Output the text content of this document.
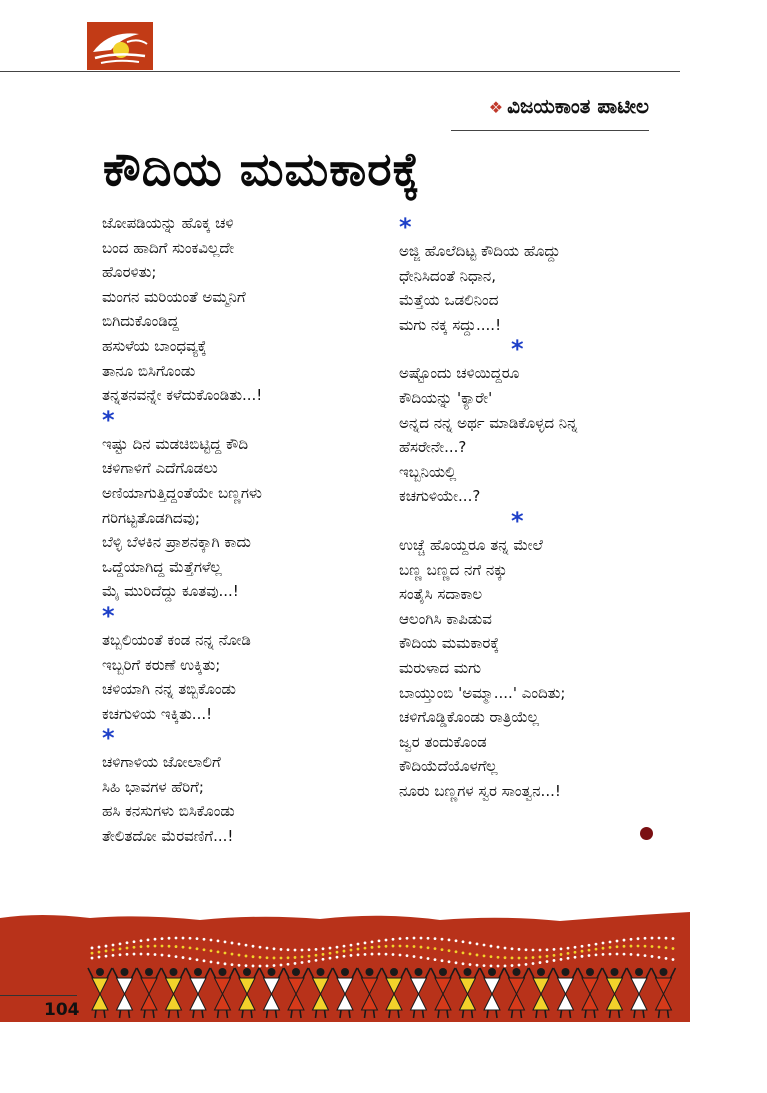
❖ ವಿಜಯಕಾಂತ ಪಾಟೀಲ
ಕೌದಿಯ ಮಮಕಾರಕ್ಕೆ
ಜೋಪಡಿಯನ್ನು ಹೊಕ್ಕ ಚಳಿ
ಬಂದ ಹಾದಿಗೆ ಸುಂಕವಿಲ್ಲದೇ
ಹೊರಳಿತು;
ಮಂಗನ ಮರಿಯಂತೆ ಅಮ್ಮನಿಗೆ
ಬಿಗಿದುಕೊಂಡಿದ್ದ
ಹಸುಳೆಯ ಬಾಂಧವ್ಯಕ್ಕೆ
ತಾನೂ ಬಿಸಿಗೊಂಡು
ತನ್ನತನವನ್ನೇ ಕಳೆದುಕೊಂಡಿತು...!
*
ಇಷ್ಟು ದಿನ ಮಡಚಿಬಿಟ್ಟಿದ್ದ ಕೌದಿ
ಚಳಿಗಾಳಿಗೆ ಎದೆಗೊಡಲು
ಅಣಿಯಾಗುತ್ತಿದ್ದಂತೆಯೇ ಬಣ್ಣಗಳು
ಗರಿಗಟ್ಟತೊಡಗಿದವು;
ಬೆಳ್ಳಿ ಬೆಳಕಿನ ಪ್ರಾಶನಕ್ಕಾಗಿ ಕಾದು
ಒದ್ದೆಯಾಗಿದ್ದ ಮೆತ್ತೆಗಳೆಲ್ಲ
ಮೈ ಮುರಿದೆದ್ದು ಕೂತವು...!
*
ತಬ್ಬಲಿಯಂತೆ ಕಂಡ ನನ್ನ ನೋಡಿ
ಇಬ್ಬರಿಗೆ ಕರುಣೆ ಉಕ್ಕಿತು;
ಚಳಿಯಾಗಿ ನನ್ನ ತಬ್ಬಿಕೊಂಡು
ಕಚಗುಳಿಯ ಇಕ್ಕಿತು...!
*
ಚಳಿಗಾಳಿಯ ಜೋಲಾಲಿಗೆ
ಸಿಹಿ ಭಾವಗಳ ಹೆರಿಗೆ;
ಹಸಿ ಕನಸುಗಳು ಬಿಸಿಕೊಂಡು
ತೇಲಿತದೋ ಮೆರವಣಿಗೆ...!
*
ಅಜ್ಜಿ ಹೊಲೆದಿಟ್ಟ ಕೌದಿಯ ಹೊದ್ದು
ಧೇನಿಸಿದಂತೆ ನಿಧಾನ,
ಮೆತ್ತೆಯ ಒಡಲಿನಿಂದ
ಮಗು ನಕ್ಕ ಸದ್ದು....!
*
ಅಷ್ಟೊಂದು ಚಳಿಯಿದ್ದರೂ
ಕೌದಿಯನ್ನು 'ಕ್ಯಾರೇ'
ಅನ್ನದ ನನ್ನ ಅರ್ಥ ಮಾಡಿಕೊಳ್ಳದ ನಿನ್ನ
ಹೆಸರೇನೇ...?
ಇಬ್ಬನಿಯಲ್ಲಿ
ಕಚಗುಳಿಯೇ...?
*
ಉಚ್ಚೆ ಹೊಯ್ದರೂ ತನ್ನ ಮೇಲೆ
ಬಣ್ಣ ಬಣ್ಣದ ನಗೆ ನಕ್ಕು
ಸಂತೈಸಿ ಸದಾಕಾಲ
ಆಲಂಗಿಸಿ ಕಾಪಿಡುವ
ಕೌದಿಯ ಮಮಕಾರಕ್ಕೆ
ಮರುಳಾದ ಮಗು
ಬಾಯ್ತುಂಬಿ 'ಅಮ್ಮಾ....' ಎಂದಿತು;
ಚಳಿಗೊಡ್ಡಿಕೊಂಡು ರಾತ್ರಿಯೆಲ್ಲ
ಜ್ವರ ತಂದುಕೊಂಡ
ಕೌದಿಯೆದೆಯೊಳಗೆಲ್ಲ
ನೂರು ಬಣ್ಣಗಳ ಸ್ವರ ಸಾಂತ್ವನ...!
104
